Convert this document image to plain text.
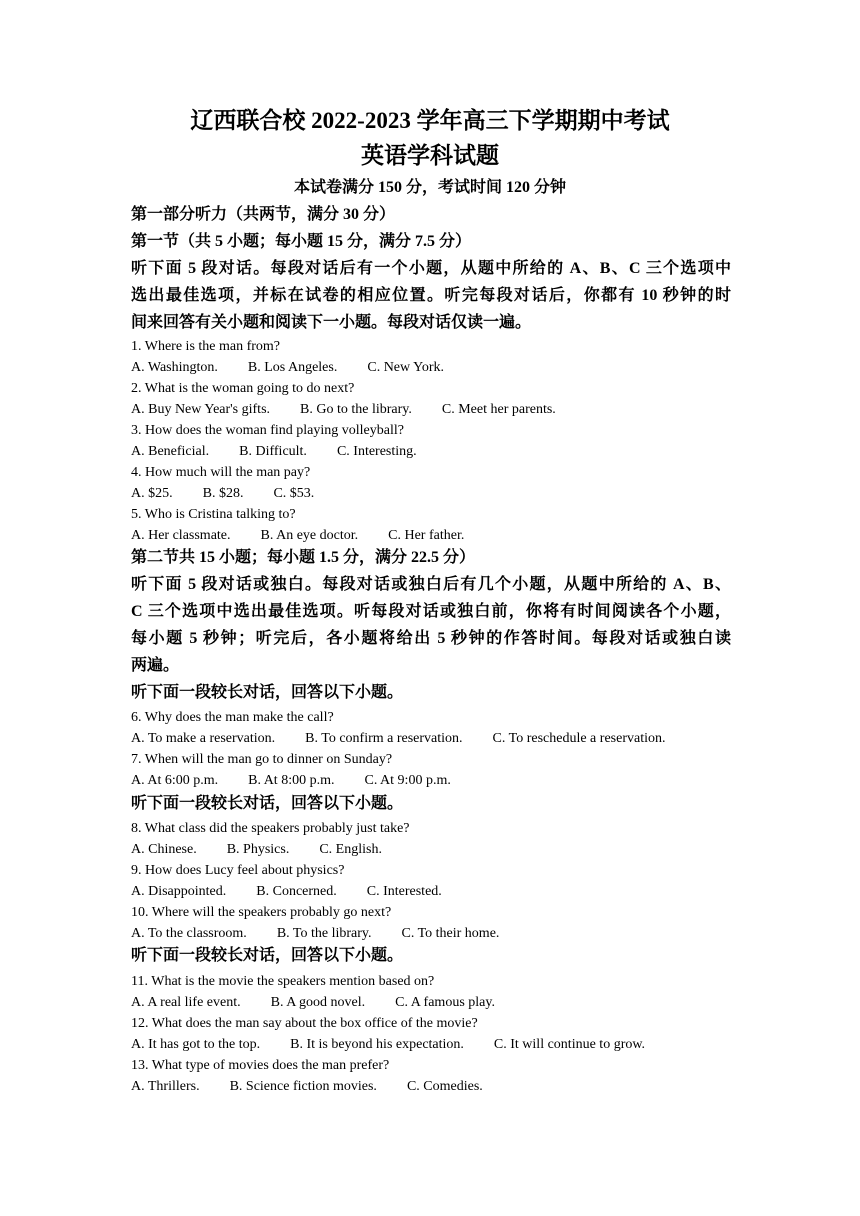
辽西联合校 2022-2023 学年高三下学期期中考试
英语学科试题
本试卷满分 150 分，考试时间 120 分钟
第一部分听力（共两节，满分 30 分）
第一节（共 5 小题；每小题 15 分，满分 7.5 分）
听下面 5 段对话。每段对话后有一个小题，从题中所给的 A、B、C 三个选项中
选出最佳选项，并标在试卷的相应位置。听完每段对话后，你都有 10 秒钟的时
间来回答有关小题和阅读下一小题。每段对话仅读一遍。
1. Where is the man from?
A. Washington. B. Los Angeles. C. New York.
2. What is the woman going to do next?
A. Buy New Year's gifts. B. Go to the library. C. Meet her parents.
3. How does the woman find playing volleyball?
A. Beneficial. B. Difficult. C. Interesting.
4. How much will the man pay?
A. $25. B. $28. C. $53.
5. Who is Cristina talking to?
A. Her classmate. B. An eye doctor. C. Her father.
第二节共 15 小题；每小题 1.5 分，满分 22.5 分）
听下面 5 段对话或独白。每段对话或独白后有几个小题，从题中所给的 A、B、
C 三个选项中选出最佳选项。听每段对话或独白前，你将有时间阅读各个小题，
每小题 5 秒钟；听完后，各小题将给出 5 秒钟的作答时间。每段对话或独白读
两遍。
听下面一段较长对话，回答以下小题。
6. Why does the man make the call?
A. To make a reservation. B. To confirm a reservation. C. To reschedule a reservation.
7. When will the man go to dinner on Sunday?
A. At 6:00 p.m. B. At 8:00 p.m. C. At 9:00 p.m.
听下面一段较长对话，回答以下小题。
8. What class did the speakers probably just take?
A. Chinese. B. Physics. C. English.
9. How does Lucy feel about physics?
A. Disappointed. B. Concerned. C. Interested.
10. Where will the speakers probably go next?
A. To the classroom. B. To the library. C. To their home.
听下面一段较长对话，回答以下小题。
11. What is the movie the speakers mention based on?
A. A real life event. B. A good novel. C. A famous play.
12. What does the man say about the box office of the movie?
A. It has got to the top. B. It is beyond his expectation. C. It will continue to grow.
13. What type of movies does the man prefer?
A. Thrillers. B. Science fiction movies. C. Comedies.
